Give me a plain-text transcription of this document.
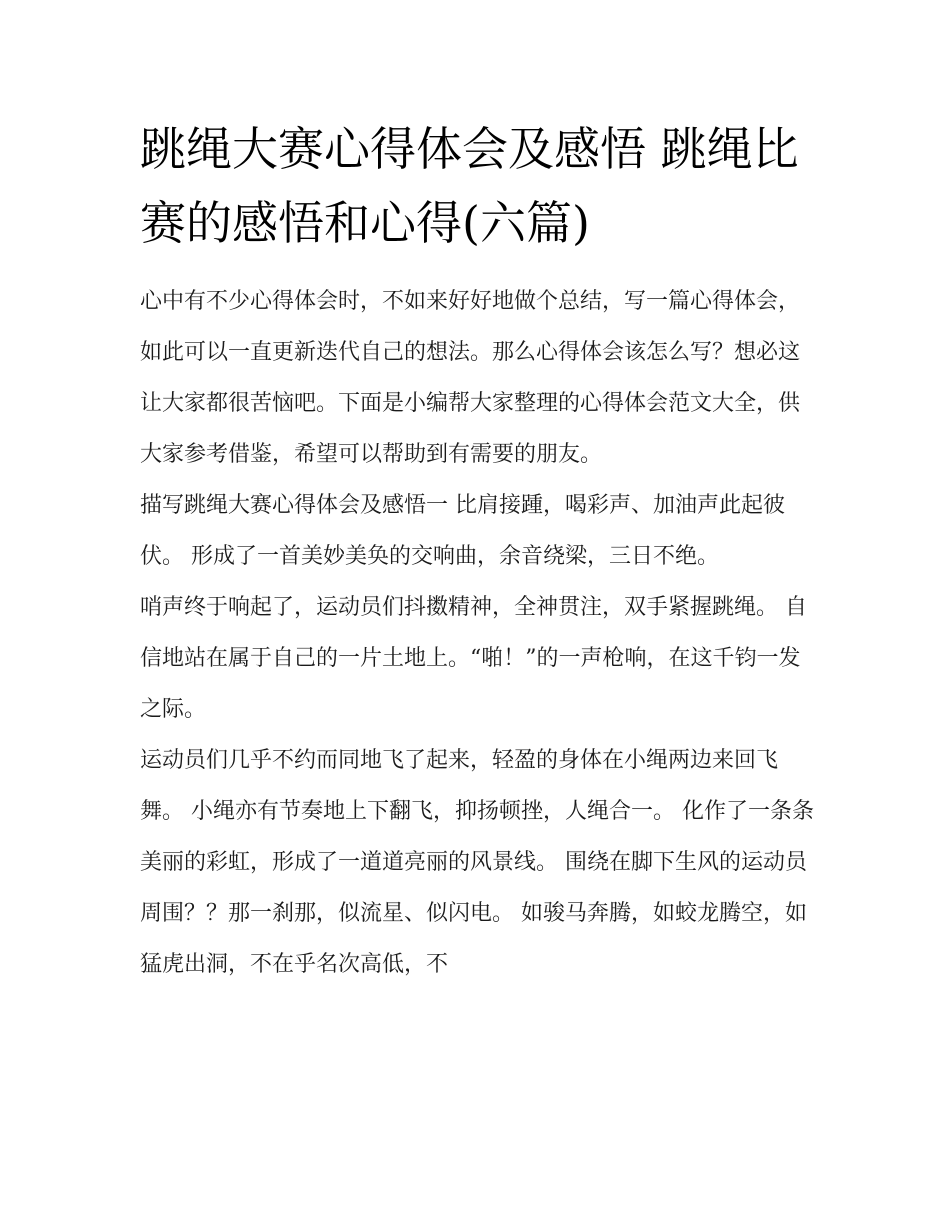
跳绳大赛心得体会及感悟 跳绳比赛的感悟和心得(六篇)

心中有不少心得体会时，不如来好好地做个总结，写一篇心得体会，如此可以一直更新迭代自己的想法。那么心得体会该怎么写？想必这让大家都很苦恼吧。下面是小编帮大家整理的心得体会范文大全，供大家参考借鉴，希望可以帮助到有需要的朋友。

描写跳绳大赛心得体会及感悟一 比肩接踵，喝彩声、加油声此起彼伏。 形成了一首美妙美奂的交响曲，余音绕梁，三日不绝。

哨声终于响起了，运动员们抖擞精神，全神贯注，双手紧握跳绳。 自信地站在属于自己的一片土地上。“啪！”的一声枪响，在这千钧一发之际。

运动员们几乎不约而同地飞了起来，轻盈的身体在小绳两边来回飞舞。 小绳亦有节奏地上下翻飞，抑扬顿挫，人绳合一。 化作了一条条美丽的彩虹，形成了一道道亮丽的风景线。 围绕在脚下生风的运动员周围？？那一刹那，似流星、似闪电。 如骏马奔腾，如蛟龙腾空，如猛虎出洞，不在乎名次高低，不
